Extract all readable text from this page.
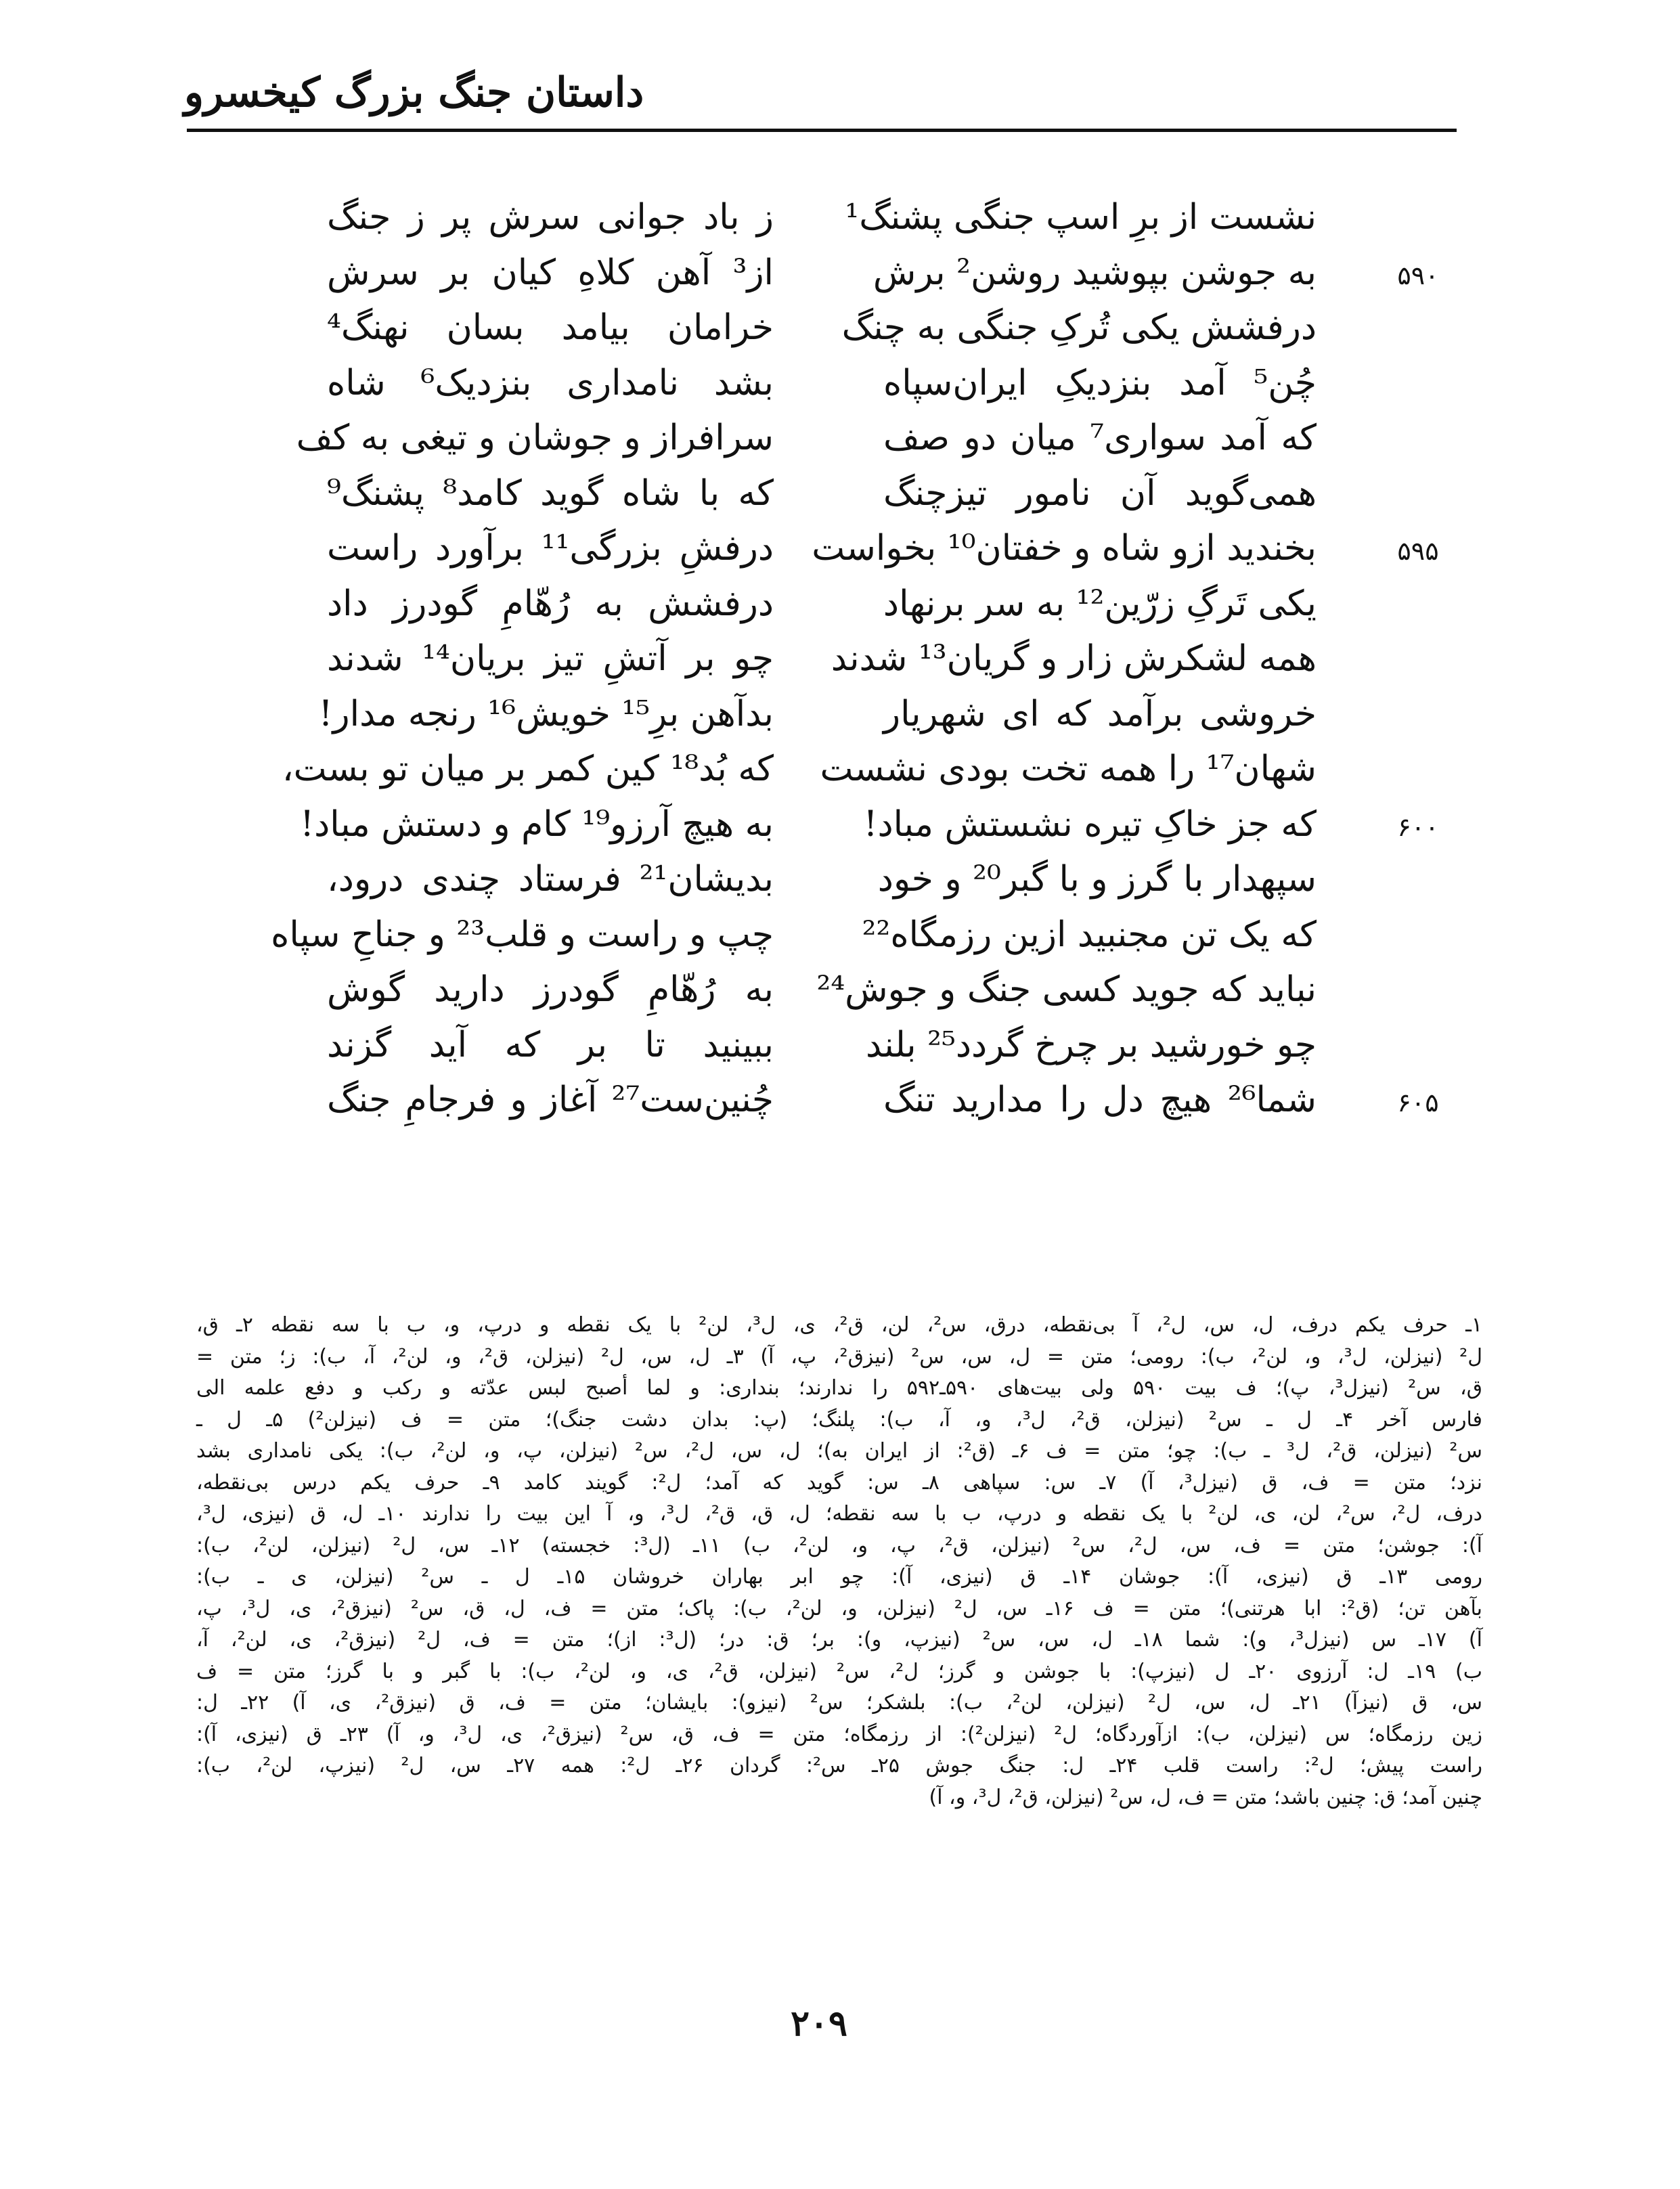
داستان جنگ بزرگ کیخسرو
نشست از برِ اسپ جنگی پشنگ¹
ز باد جوانی سرش پر ز جنگ
۵۹۰
به جوشن بپوشید روشن² برش
از³ آهن کلاهِ کیان بر سرش
درفشش یکی تُرکِ جنگی به چنگ
خرامان بیامد بسان نهنگ⁴
چُن⁵ آمد بنزدیکِ ایران‌سپاه
بشد نامداری بنزدیک⁶ شاه
که آمد سواری⁷ میان دو صف
سرافراز و جوشان و تیغی به کف
همی‌گوید آن نامور تیزچنگ
که با شاه گوید کامد⁸ پشنگ⁹
۵۹۵
بخندید ازو شاه و خفتان¹⁰ بخواست
درفشِ بزرگی¹¹ برآورد راست
یکی تَرگِ زرّین¹² به سر برنهاد
درفشش به رُهّامِ گودرز داد
همه لشکرش زار و گریان¹³ شدند
چو بر آتشِ تیز بریان¹⁴ شدند
خروشی برآمد که ای شهریار
بدآهن برِ¹⁵ خویش¹⁶ رنجه مدار!
شهان¹⁷ را همه تخت بودی نشست
که بُد¹⁸ کین کمر بر میان تو بست،
۶۰۰
که جز خاکِ تیره نشستش مباد!
به هیچ آرزو¹⁹ کام و دستش مباد!
سپهدار با گرز و با گبر²⁰ و خود
بدیشان²¹ فرستاد چندی درود،
که یک تن مجنبید ازین رزمگاه²²
چپ و راست و قلب²³ و جناحِ سپاه
نباید که جوید کسی جنگ و جوش²⁴
به رُهّامِ گودرز دارید گوش
چو خورشید بر چرخ گردد²⁵ بلند
ببینید تا بر که آید گزند
۶۰۵
شما²⁶ هیچ دل را مدارید تنگ
چُنین‌ست²⁷ آغاز و فرجامِ جنگ
۱ـ حرف یکم درف، ل، س، ل²، آ بی‌نقطه، درق، س²، لن، ق²، ی، ل³، لن² با یک نقطه و درپ، و، ب با سه نقطه ۲ـ ق،
ل² (نیزلن، ل³، و، لن²، ب): رومی؛ متن = ل، س، س² (نیزق²، پ، آ) ۳ـ ل، س، ل² (نیزلن، ق²، و، لن²، آ، ب): ز؛ متن =
ق، س² (نیزل³، پ)؛ ف بیت ۵۹۰ ولی بیت‌های ۵۹۰ـ۵۹۲ را ندارند؛ بنداری: و لما أصبح لبس عدّته و رکب و دفع علمه الی
فارس آخر ۴ـ ل ـ س² (نیزلن، ق²، ل³، و، آ، ب): پلنگ؛ (پ: بدان دشت جنگ)؛ متن = ف (نیزلن²) ۵ـ ل ـ
س² (نیزلن، ق²، ل³ ـ ب): چو؛ متن = ف ۶ـ (ق²: از ایران به)؛ ل، س، ل²، س² (نیزلن، پ، و، لن²، ب): یکی نامداری بشد
نزد؛ متن = ف، ق (نیزل³، آ) ۷ـ س: سپاهی ۸ـ س: گوید که آمد؛ ل²: گویند کامد ۹ـ حرف یکم درس بی‌نقطه،
درف، ل²، س²، لن، ی، لن² با یک نقطه و درپ، ب با سه نقطه؛ ل، ق، ق²، ل³، و، آ این بیت را ندارند ۱۰ـ ل، ق (نیزی، ل³،
آ): جوشن؛ متن = ف، س، ل²، س² (نیزلن، ق²، پ، و، لن²، ب) ۱۱ـ (ل³: خجسته) ۱۲ـ س، ل² (نیزلن، لن²، ب):
رومی ۱۳ـ ق (نیزی، آ): جوشان ۱۴ـ ق (نیزی، آ): چو ابر بهاران خروشان ۱۵ـ ل ـ س² (نیزلن، ی ـ ب):
بآهن تن؛ (ق²: ابا هرتنی)؛ متن = ف ۱۶ـ س، ل² (نیزلن، و، لن²، ب): پاک؛ متن = ف، ل، ق، س² (نیزق²، ی، ل³، پ،
آ) ۱۷ـ س (نیزل³، و): شما ۱۸ـ ل، س، س² (نیزپ، و): بر؛ ق: در؛ (ل³: از)؛ متن = ف، ل² (نیزق²، ی، لن²، آ،
ب) ۱۹ـ ل: آرزوی ۲۰ـ ل (نیزپ): با جوشن و گرز؛ ل²، س² (نیزلن، ق²، ی، و، لن²، ب): با گبر و با گرز؛ متن = ف
س، ق (نیزآ) ۲۱ـ ل، س، ل² (نیزلن، لن²، ب): بلشکر؛ س² (نیزو): بایشان؛ متن = ف، ق (نیزق²، ی، آ) ۲۲ـ ل:
زین رزمگاه؛ س (نیزلن، ب): ازآوردگاه؛ ل² (نیزلن²): از رزمگاه؛ متن = ف، ق، س² (نیزق²، ی، ل³، و، آ) ۲۳ـ ق (نیزی، آ):
راست پیش؛ ل²: راست قلب ۲۴ـ ل: جنگ جوش ۲۵ـ س²: گردان ۲۶ـ ل²: همه ۲۷ـ س، ل² (نیزپ، لن²، ب):
چنین آمد؛ ق: چنین باشد؛ متن = ف، ل، س² (نیزلن، ق²، ل³، و، آ)
۲۰۹
